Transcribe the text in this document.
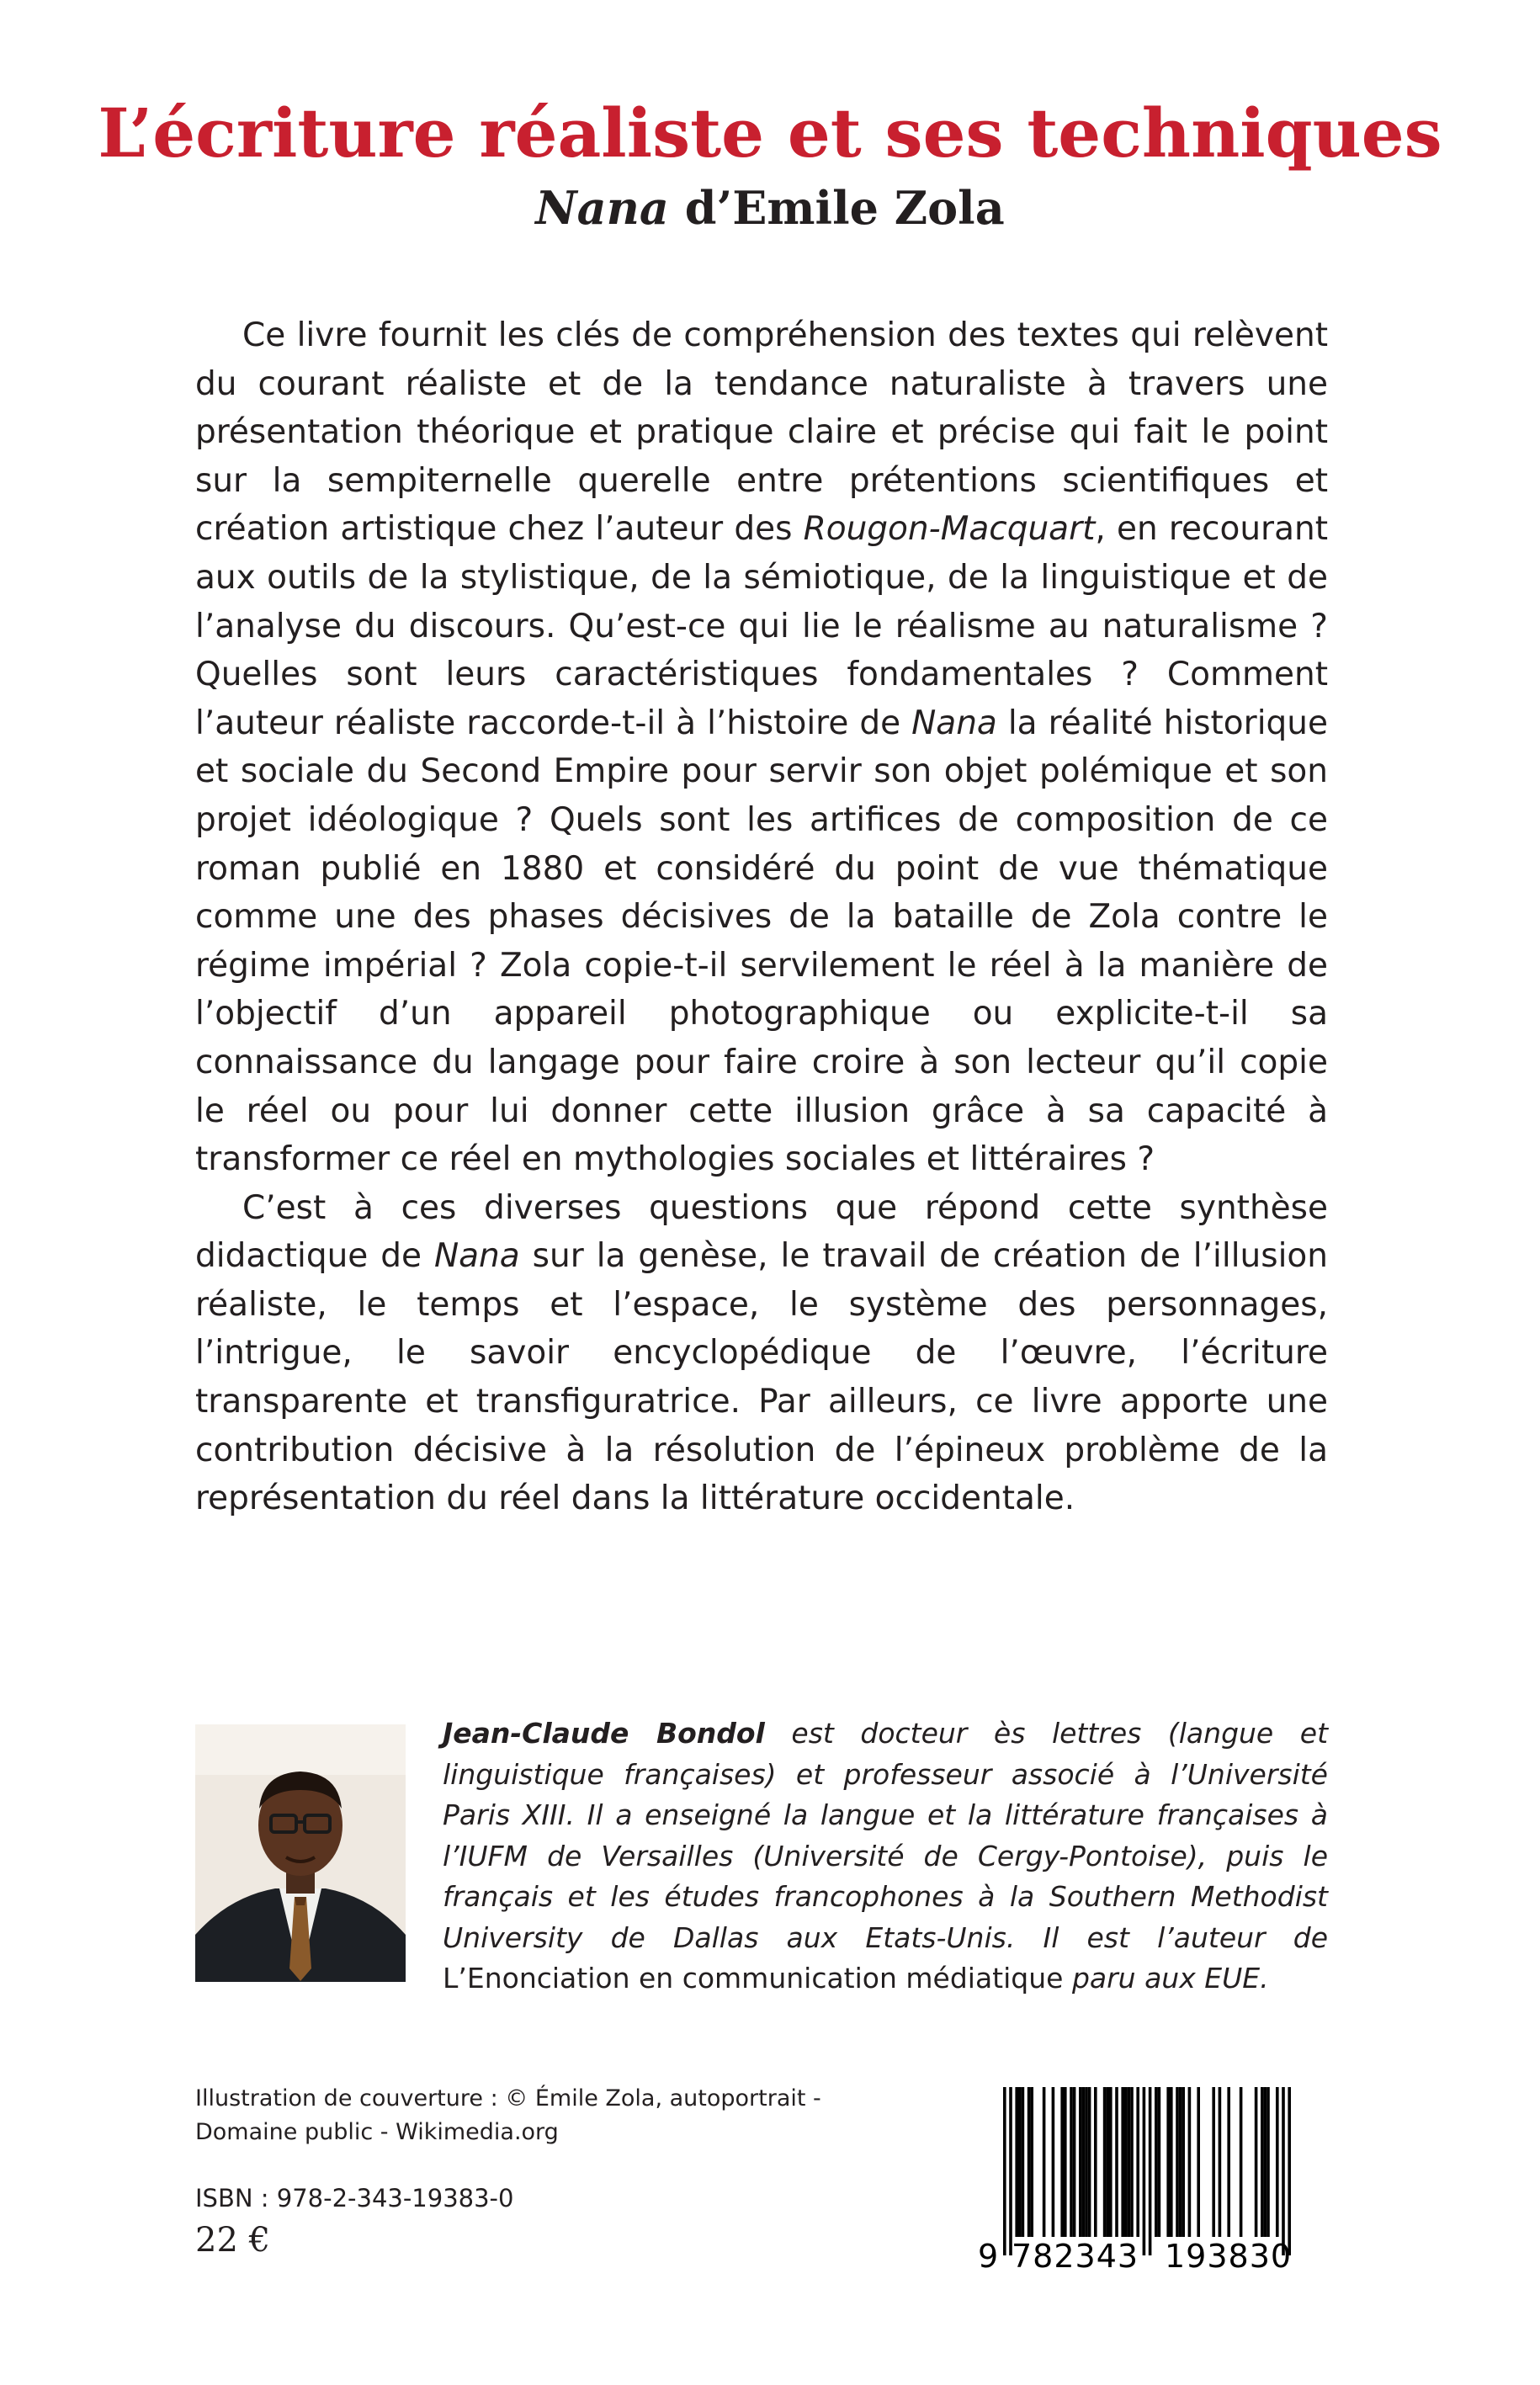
L’écriture réaliste et ses techniques
Nana d’Emile Zola

Ce livre fournit les clés de compréhension des textes qui relèvent du courant réaliste et de la tendance naturaliste à travers une présentation théorique et pratique claire et précise qui fait le point sur la sempiternelle querelle entre prétentions scientifiques et création artistique chez l’auteur des Rougon-Macquart, en recourant aux outils de la stylistique, de la sémiotique, de la linguistique et de l’analyse du discours. Qu’est-ce qui lie le réalisme au naturalisme ? Quelles sont leurs caractéristiques fondamentales ? Comment l’auteur réaliste raccorde-t-il à l’histoire de Nana la réalité historique et sociale du Second Empire pour servir son objet polémique et son projet idéologique ? Quels sont les artifices de composition de ce roman publié en 1880 et considéré du point de vue thématique comme une des phases décisives de la bataille de Zola contre le régime impérial ? Zola copie-t-il servilement le réel à la manière de l’objectif d’un appareil photographique ou explicite-t-il sa connaissance du langage pour faire croire à son lecteur qu’il copie le réel ou pour lui donner cette illusion grâce à sa capacité à transformer ce réel en mythologies sociales et littéraires ?

C’est à ces diverses questions que répond cette synthèse didactique de Nana sur la genèse, le travail de création de l’illusion réaliste, le temps et l’espace, le système des personnages, l’intrigue, le savoir encyclopédique de l’œuvre, l’écriture transparente et transfiguratrice. Par ailleurs, ce livre apporte une contribution décisive à la résolution de l’épineux problème de la représentation du réel dans la littérature occidentale.

Jean-Claude Bondol est docteur ès lettres (langue et linguistique françaises) et professeur associé à l’Université Paris XIII. Il a enseigné la langue et la littérature françaises à l’IUFM de Versailles (Université de Cergy-Pontoise), puis le français et les études francophones à la Southern Methodist University de Dallas aux Etats-Unis. Il est l’auteur de L’Enonciation en communication médiatique paru aux EUE.

Illustration de couverture : © Émile Zola, autoportrait -
Domaine public - Wikimedia.org
ISBN : 978-2-343-19383-0
22 €	9 782343 193830
